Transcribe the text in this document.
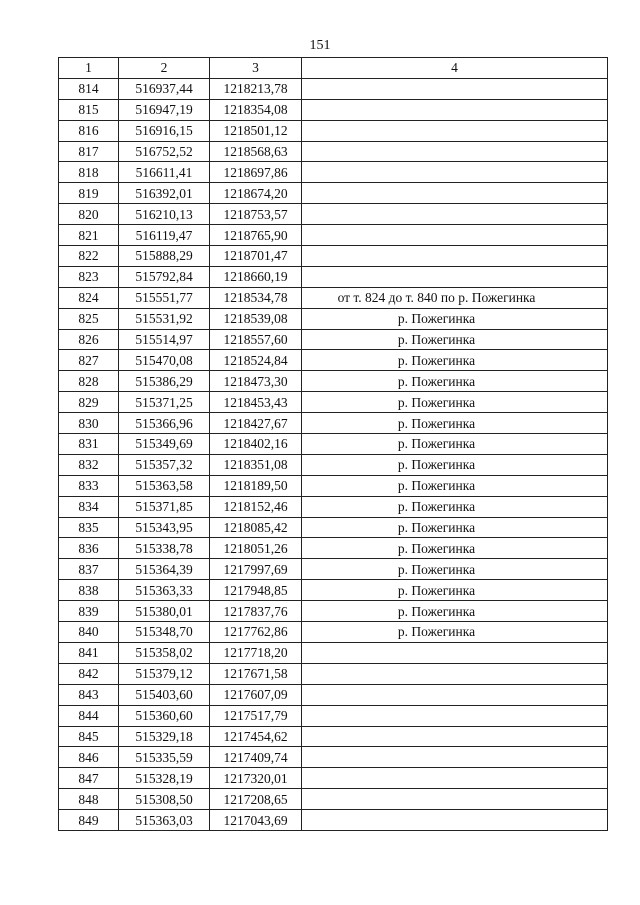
151
1	2	3	4
814	516937,44	1218213,78	
815	516947,19	1218354,08	
816	516916,15	1218501,12	
817	516752,52	1218568,63	
818	516611,41	1218697,86	
819	516392,01	1218674,20	
820	516210,13	1218753,57	
821	516119,47	1218765,90	
822	515888,29	1218701,47	
823	515792,84	1218660,19	
824	515551,77	1218534,78	от т. 824 до т. 840 по р. Пожегинка
825	515531,92	1218539,08	р. Пожегинка
826	515514,97	1218557,60	р. Пожегинка
827	515470,08	1218524,84	р. Пожегинка
828	515386,29	1218473,30	р. Пожегинка
829	515371,25	1218453,43	р. Пожегинка
830	515366,96	1218427,67	р. Пожегинка
831	515349,69	1218402,16	р. Пожегинка
832	515357,32	1218351,08	р. Пожегинка
833	515363,58	1218189,50	р. Пожегинка
834	515371,85	1218152,46	р. Пожегинка
835	515343,95	1218085,42	р. Пожегинка
836	515338,78	1218051,26	р. Пожегинка
837	515364,39	1217997,69	р. Пожегинка
838	515363,33	1217948,85	р. Пожегинка
839	515380,01	1217837,76	р. Пожегинка
840	515348,70	1217762,86	р. Пожегинка
841	515358,02	1217718,20	
842	515379,12	1217671,58	
843	515403,60	1217607,09	
844	515360,60	1217517,79	
845	515329,18	1217454,62	
846	515335,59	1217409,74	
847	515328,19	1217320,01	
848	515308,50	1217208,65	
849	515363,03	1217043,69	
